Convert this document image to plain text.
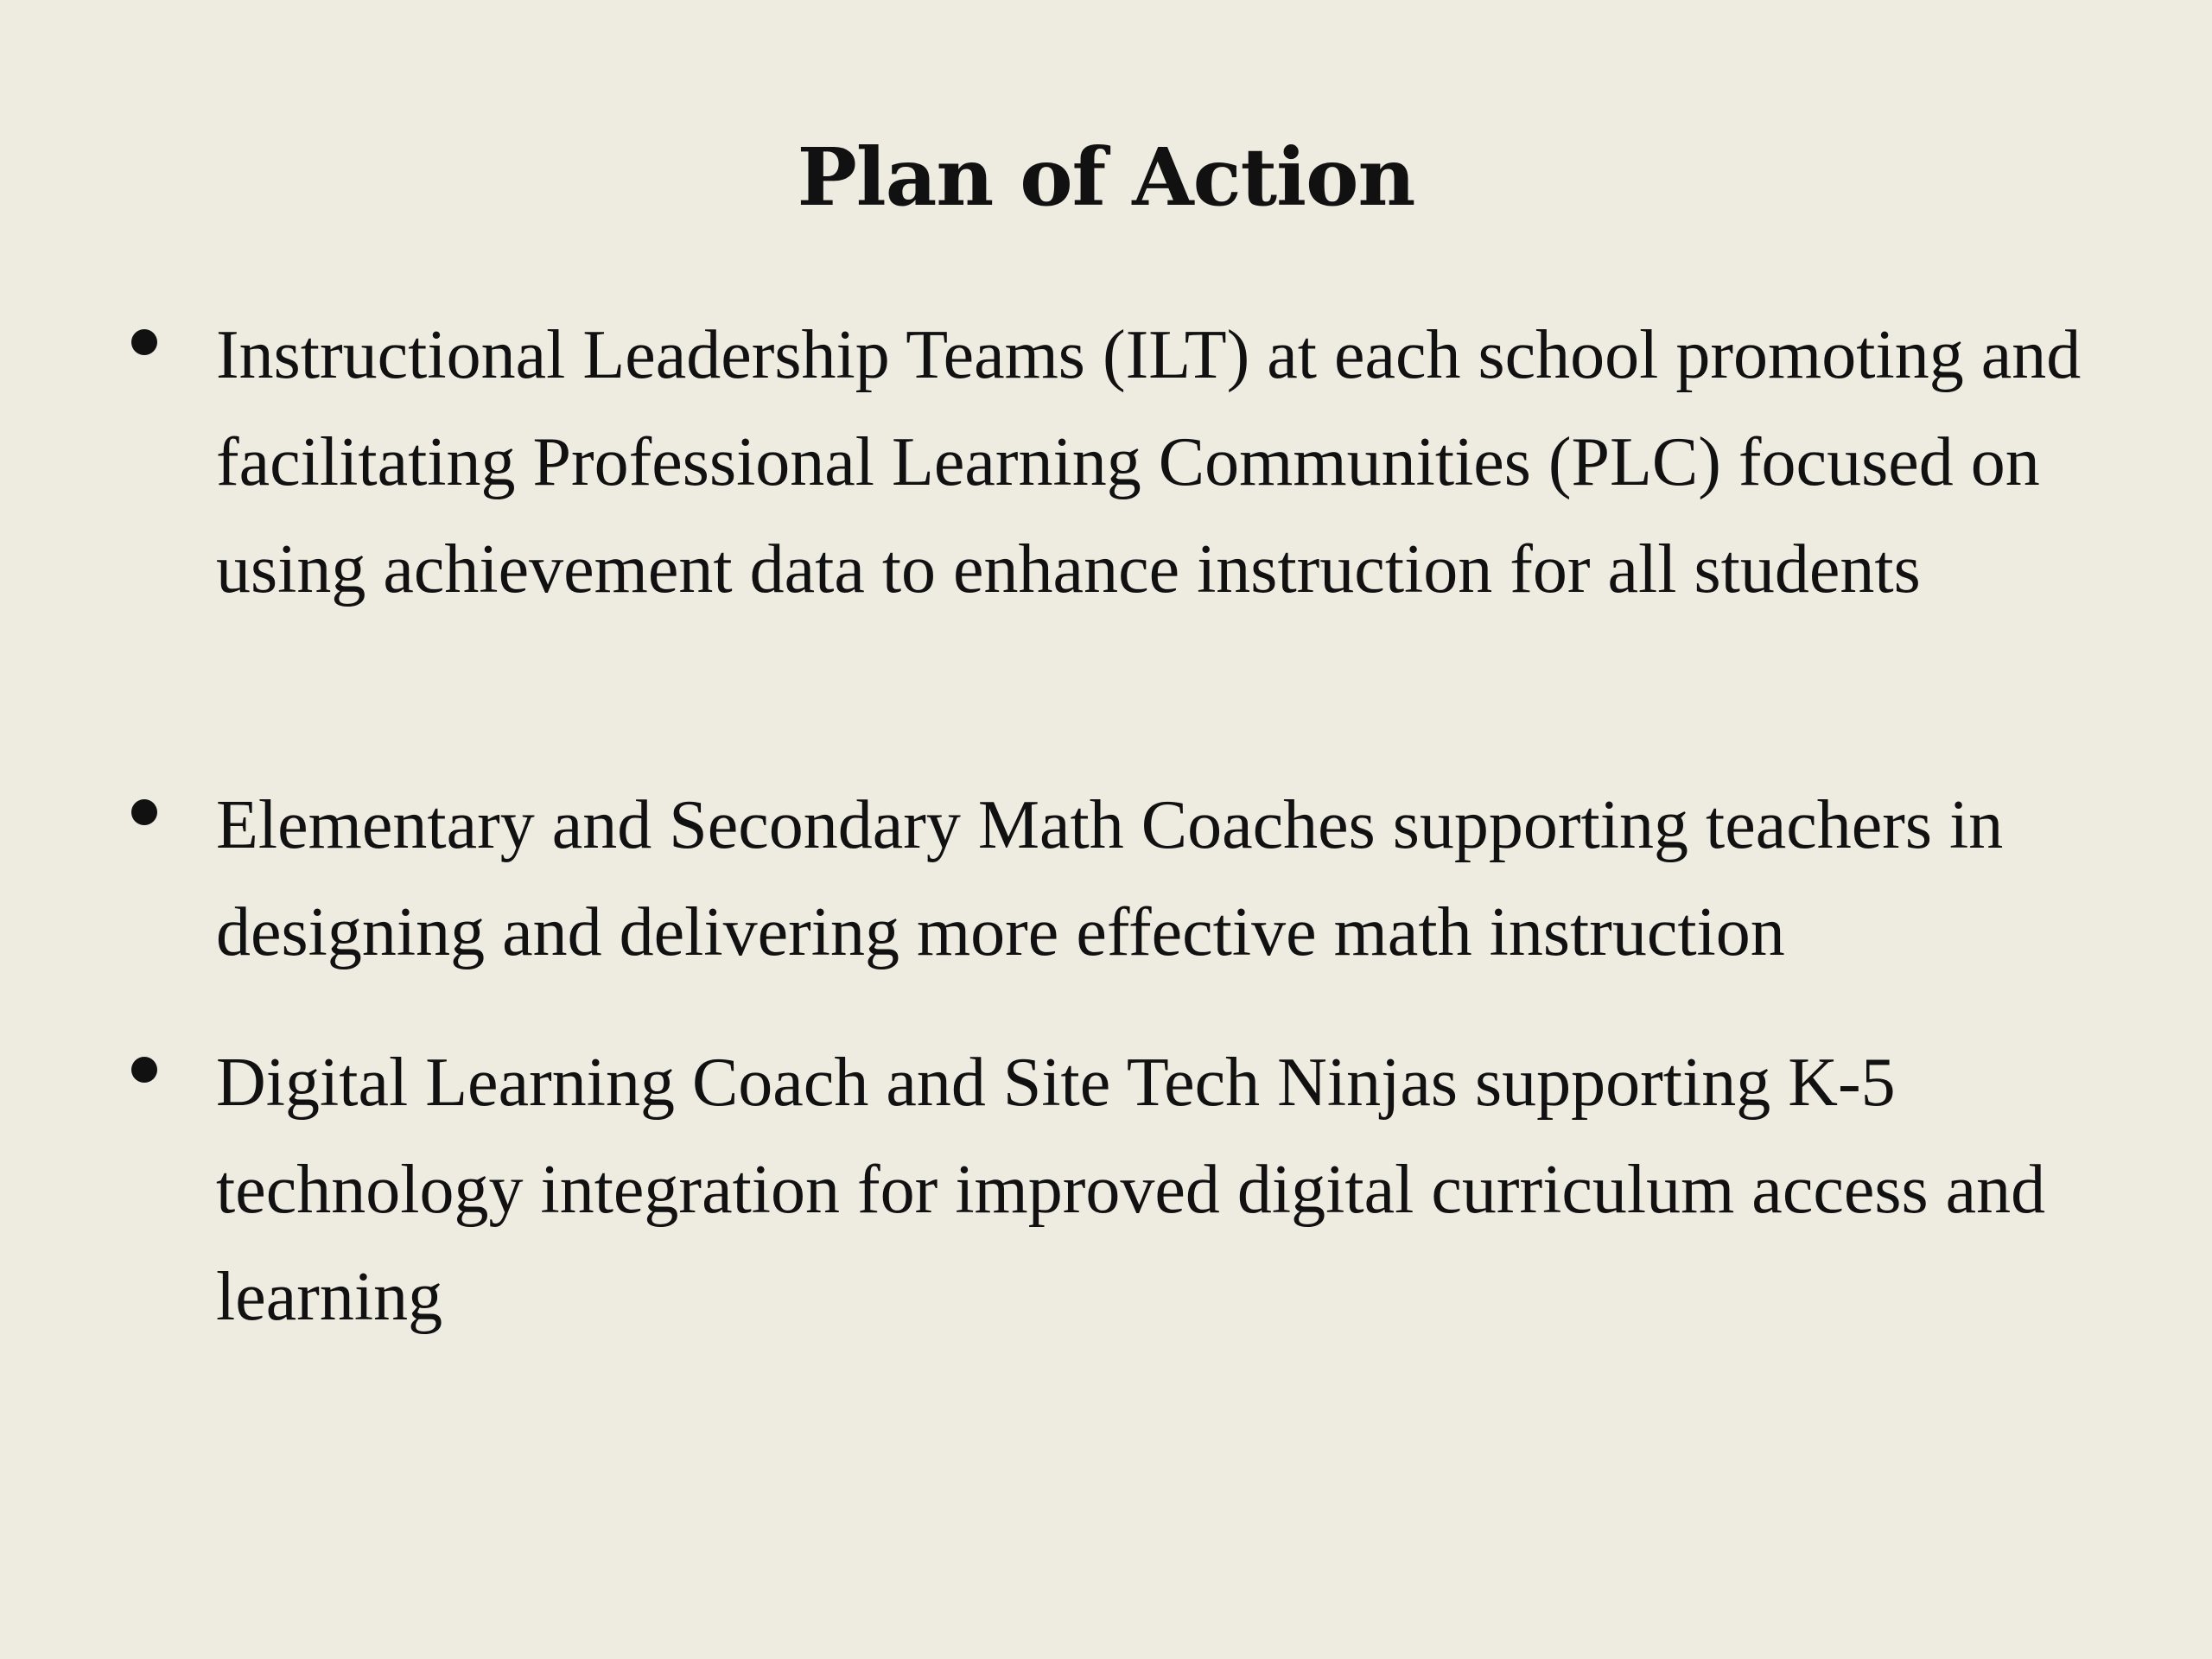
Plan of Action
Instructional Leadership Teams (ILT) at each school promoting and facilitating Professional Learning Communities (PLC) focused on using achievement data to enhance instruction for all students
Elementary and Secondary Math Coaches supporting teachers in designing and delivering more effective math instruction
Digital Learning Coach and Site Tech Ninjas supporting K-5 technology integration for improved digital curriculum access and learning
